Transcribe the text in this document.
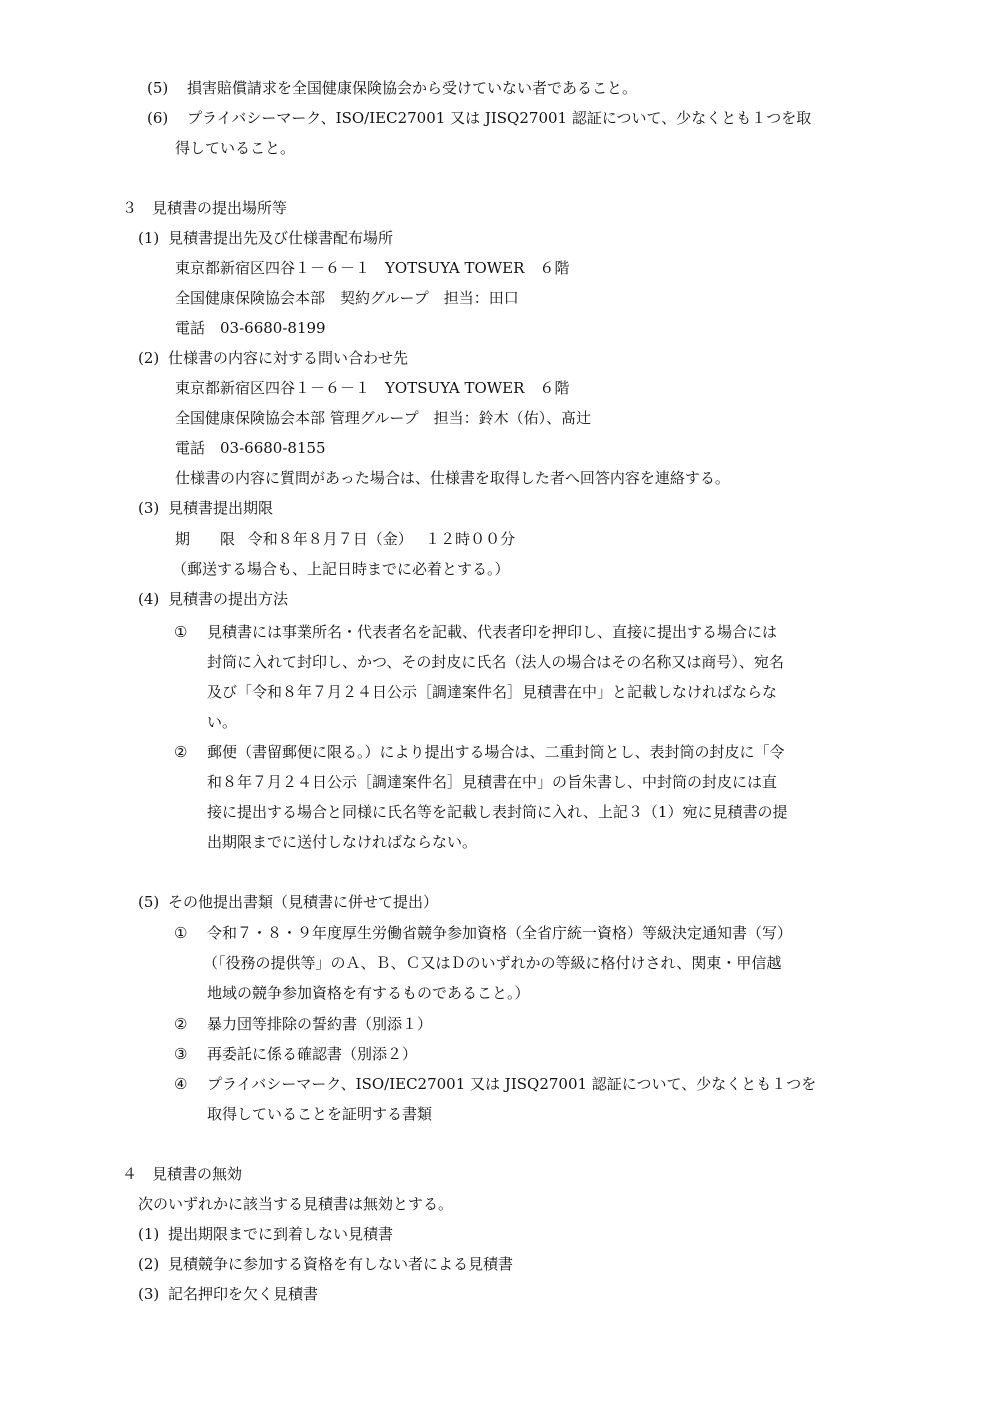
(5) 損害賠償請求を全国健康保険協会から受けていない者であること。
(6) プライバシーマーク、ISO/IEC27001 又は JISQ27001 認証について、少なくとも１つを取
得していること。
３　見積書の提出場所等
(1) 見積書提出先及び仕様書配布場所
東京都新宿区四谷１－６－１　YOTSUYA TOWER　６階
全国健康保険協会本部　契約グループ　担当：田口
電話　03-6680-8199
(2) 仕様書の内容に対する問い合わせ先
東京都新宿区四谷１－６－１　YOTSUYA TOWER　６階
全国健康保険協会本部 管理グループ　担当：鈴木（佑）、髙辻
電話　03-6680-8155
仕様書の内容に質問があった場合は、仕様書を取得した者へ回答内容を連絡する。
(3) 見積書提出期限
期　　限 令和８年８月７日（金）　 １２時００分
（郵送する場合も、上記日時までに必着とする。）
(4) 見積書の提出方法
① 見積書には事業所名・代表者名を記載、代表者印を押印し、直接に提出する場合には
封筒に入れて封印し、かつ、その封皮に氏名（法人の場合はその名称又は商号）、宛名
及び「令和８年７月２４日公示［調達案件名］見積書在中」と記載しなければならな
い。
② 郵便（書留郵便に限る。）により提出する場合は、二重封筒とし、表封筒の封皮に「令
和８年７月２４日公示［調達案件名］見積書在中」の旨朱書し、中封筒の封皮には直
接に提出する場合と同様に氏名等を記載し表封筒に入れ、上記３（1）宛に見積書の提
出期限までに送付しなければならない。
(5) その他提出書類（見積書に併せて提出）
① 令和７・８・９年度厚生労働省競争参加資格（全省庁統一資格）等級決定通知書（写）
（「役務の提供等」のＡ、Ｂ、Ｃ又はＤのいずれかの等級に格付けされ、関東・甲信越
地域の競争参加資格を有するものであること。）
② 暴力団等排除の誓約書（別添１）
③ 再委託に係る確認書（別添２）
④ プライバシーマーク、ISO/IEC27001 又は JISQ27001 認証について、少なくとも１つを
取得していることを証明する書類
４　見積書の無効
次のいずれかに該当する見積書は無効とする。
(1) 提出期限までに到着しない見積書
(2) 見積競争に参加する資格を有しない者による見積書
(3) 記名押印を欠く見積書
